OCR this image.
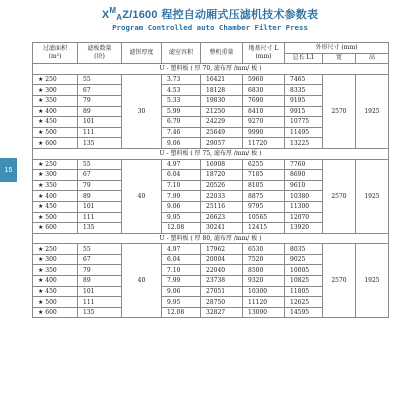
15
$X^MAZ/1600$ 程控自动厢式压滤机技术参数表
Program Controlled auto Chamber Filter Press
过滤面积
(m²)	滤板数量
(块)	滤饼厚度	滤室容积	整机重量	地基尺寸 L
(mm)	外形尺寸 (mm)		
						总长 L1	宽	高
U - 塑料板 ( 厚 70, 滤布厚 /mm/ 板 )								
★ 250	55	30	3.73	16421	5960	7465	2570	1925
★ 300	67		4.53	18128	6830	8335		
★ 350	79		5.33	19830	7690	9195		
★ 400	89		5.99	21250	8410	9915		
★ 450	101		6.79	24229	9270	10775		
★ 500	111		7.46	25649	9990	11495		
★ 600	135		9.06	29057	11720	13225		
U - 塑料板 ( 厚 75, 滤布厚 /mm/ 板 )								
★ 250	55	40	4.97	16908	6255	7760	2570	1925
★ 300	67		6.04	18720	7185	8690		
★ 350	79		7.10	20526	8105	9610		
★ 400	89		7.99	22033	8875	10380		
★ 450	101		9.06	25116	9795	11300		
★ 500	111		9.95	26623	10565	12070		
★ 600	135		12.08	30241	12415	13920		
U - 塑料板 ( 厚 80, 滤布厚 /mm/ 板 )								
★ 250	55	40	4.97	17962	6530	8035	2570	1925
★ 300	67		6.04	20004	7520	9025		
★ 350	79		7.10	22040	8500	10005		
★ 400	89		7.99	23738	9320	10825		
★ 450	101		9.06	27051	10300	11805		
★ 500	111		9.95	28750	11120	12625		
★ 600	135		12.08	32827	13090	14595		
